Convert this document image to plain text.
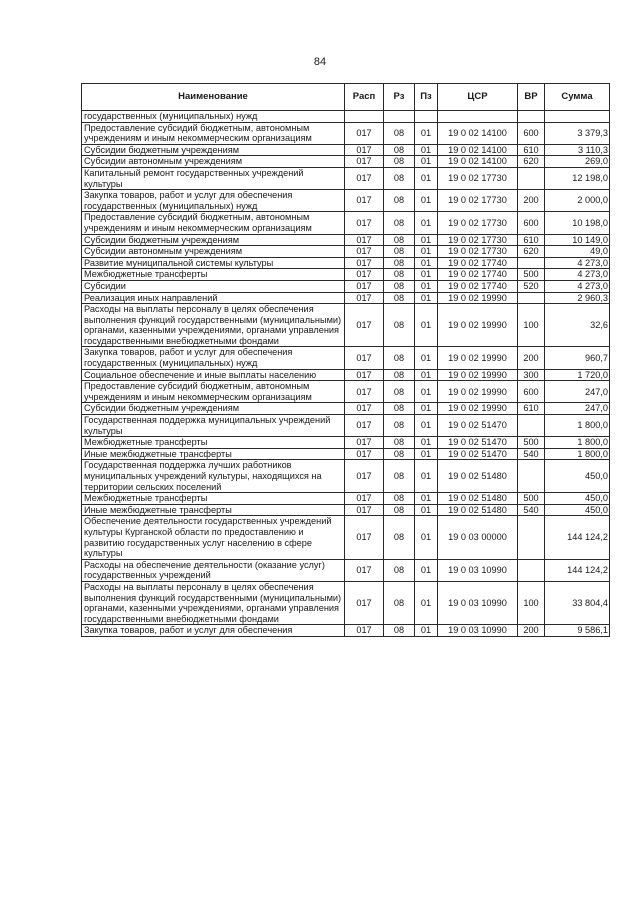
84
Наименование	Расп	Рз	Пз	ЦСР	ВР	Сумма
государственных (муниципальных) нужд						
Предоставление субсидий бюджетным, автономным учреждениям и иным некоммерческим организациям	017	08	01	19 0 02 14100	600	3 379,3
Субсидии бюджетным учреждениям	017	08	01	19 0 02 14100	610	3 110,3
Субсидии автономным учреждениям	017	08	01	19 0 02 14100	620	269,0
Капитальный ремонт государственных учреждений культуры	017	08	01	19 0 02 17730		12 198,0
Закупка товаров, работ и услуг для обеспечения государственных (муниципальных) нужд	017	08	01	19 0 02 17730	200	2 000,0
Предоставление субсидий бюджетным, автономным учреждениям и иным некоммерческим организациям	017	08	01	19 0 02 17730	600	10 198,0
Субсидии бюджетным учреждениям	017	08	01	19 0 02 17730	610	10 149,0
Субсидии автономным учреждениям	017	08	01	19 0 02 17730	620	49,0
Развитие муниципальной системы культуры	017	08	01	19 0 02 17740		4 273,0
Межбюджетные трансферты	017	08	01	19 0 02 17740	500	4 273,0
Субсидии	017	08	01	19 0 02 17740	520	4 273,0
Реализация иных направлений	017	08	01	19 0 02 19990		2 960,3
Расходы на выплаты персоналу в целях обеспечения выполнения функций государственными (муниципальными) органами, казенными учреждениями, органами управления государственными внебюджетными фондами	017	08	01	19 0 02 19990	100	32,6
Закупка товаров, работ и услуг для обеспечения государственных (муниципальных) нужд	017	08	01	19 0 02 19990	200	960,7
Социальное обеспечение и иные выплаты населению	017	08	01	19 0 02 19990	300	1 720,0
Предоставление субсидий бюджетным, автономным учреждениям и иным некоммерческим организациям	017	08	01	19 0 02 19990	600	247,0
Субсидии бюджетным учреждениям	017	08	01	19 0 02 19990	610	247,0
Государственная поддержка муниципальных учреждений культуры	017	08	01	19 0 02 51470		1 800,0
Межбюджетные трансферты	017	08	01	19 0 02 51470	500	1 800,0
Иные межбюджетные трансферты	017	08	01	19 0 02 51470	540	1 800,0
Государственная поддержка лучших работников муниципальных учреждений культуры, находящихся на территории сельских поселений	017	08	01	19 0 02 51480		450,0
Межбюджетные трансферты	017	08	01	19 0 02 51480	500	450,0
Иные межбюджетные трансферты	017	08	01	19 0 02 51480	540	450,0
Обеспечение деятельности государственных учреждений культуры Курганской области по предоставлению и развитию государственных услуг населению в сфере культуры	017	08	01	19 0 03 00000		144 124,2
Расходы на обеспечение деятельности (оказание услуг) государственных учреждений	017	08	01	19 0 03 10990		144 124,2
Расходы на выплаты персоналу в целях обеспечения выполнения функций государственными (муниципальными) органами, казенными учреждениями, органами управления государственными внебюджетными фондами	017	08	01	19 0 03 10990	100	33 804,4
Закупка товаров, работ и услуг для обеспечения	017	08	01	19 0 03 10990	200	9 586,1
